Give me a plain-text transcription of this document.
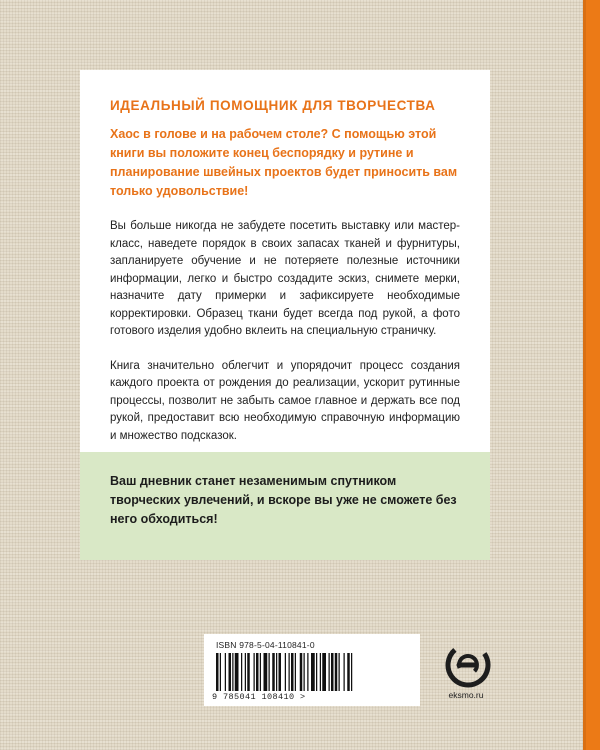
ИДЕАЛЬНЫЙ ПОМОЩНИК ДЛЯ ТВОРЧЕСТВА

Хаос в голове и на рабочем столе? С помощью этой книги вы положите конец беспорядку и рутине и планирование швейных проектов будет приносить вам только удовольствие!

Вы больше никогда не забудете посетить выставку или мастер-класс, наведете порядок в своих запасах тканей и фурнитуры, запланируете обучение и не потеряете полезные источники информации, легко и быстро создадите эскиз, снимете мерки, назначите дату примерки и зафиксируете необходимые корректировки. Образец ткани будет всегда под рукой, а фото готового изделия удобно вклеить на специальную страничку.

Книга значительно облегчит и упорядочит процесс создания каждого проекта от рождения до реализации, ускорит рутинные процессы, позволит не забыть самое главное и держать все под рукой, предоставит всю необходимую справочную информацию и множество подсказок.

Ваш дневник станет незаменимым спутником творческих увлечений, и вскоре вы уже не сможете без него обходиться!

ISBN 978-5-04-110841-0
9 785041 108410 >	eksmo.ru
